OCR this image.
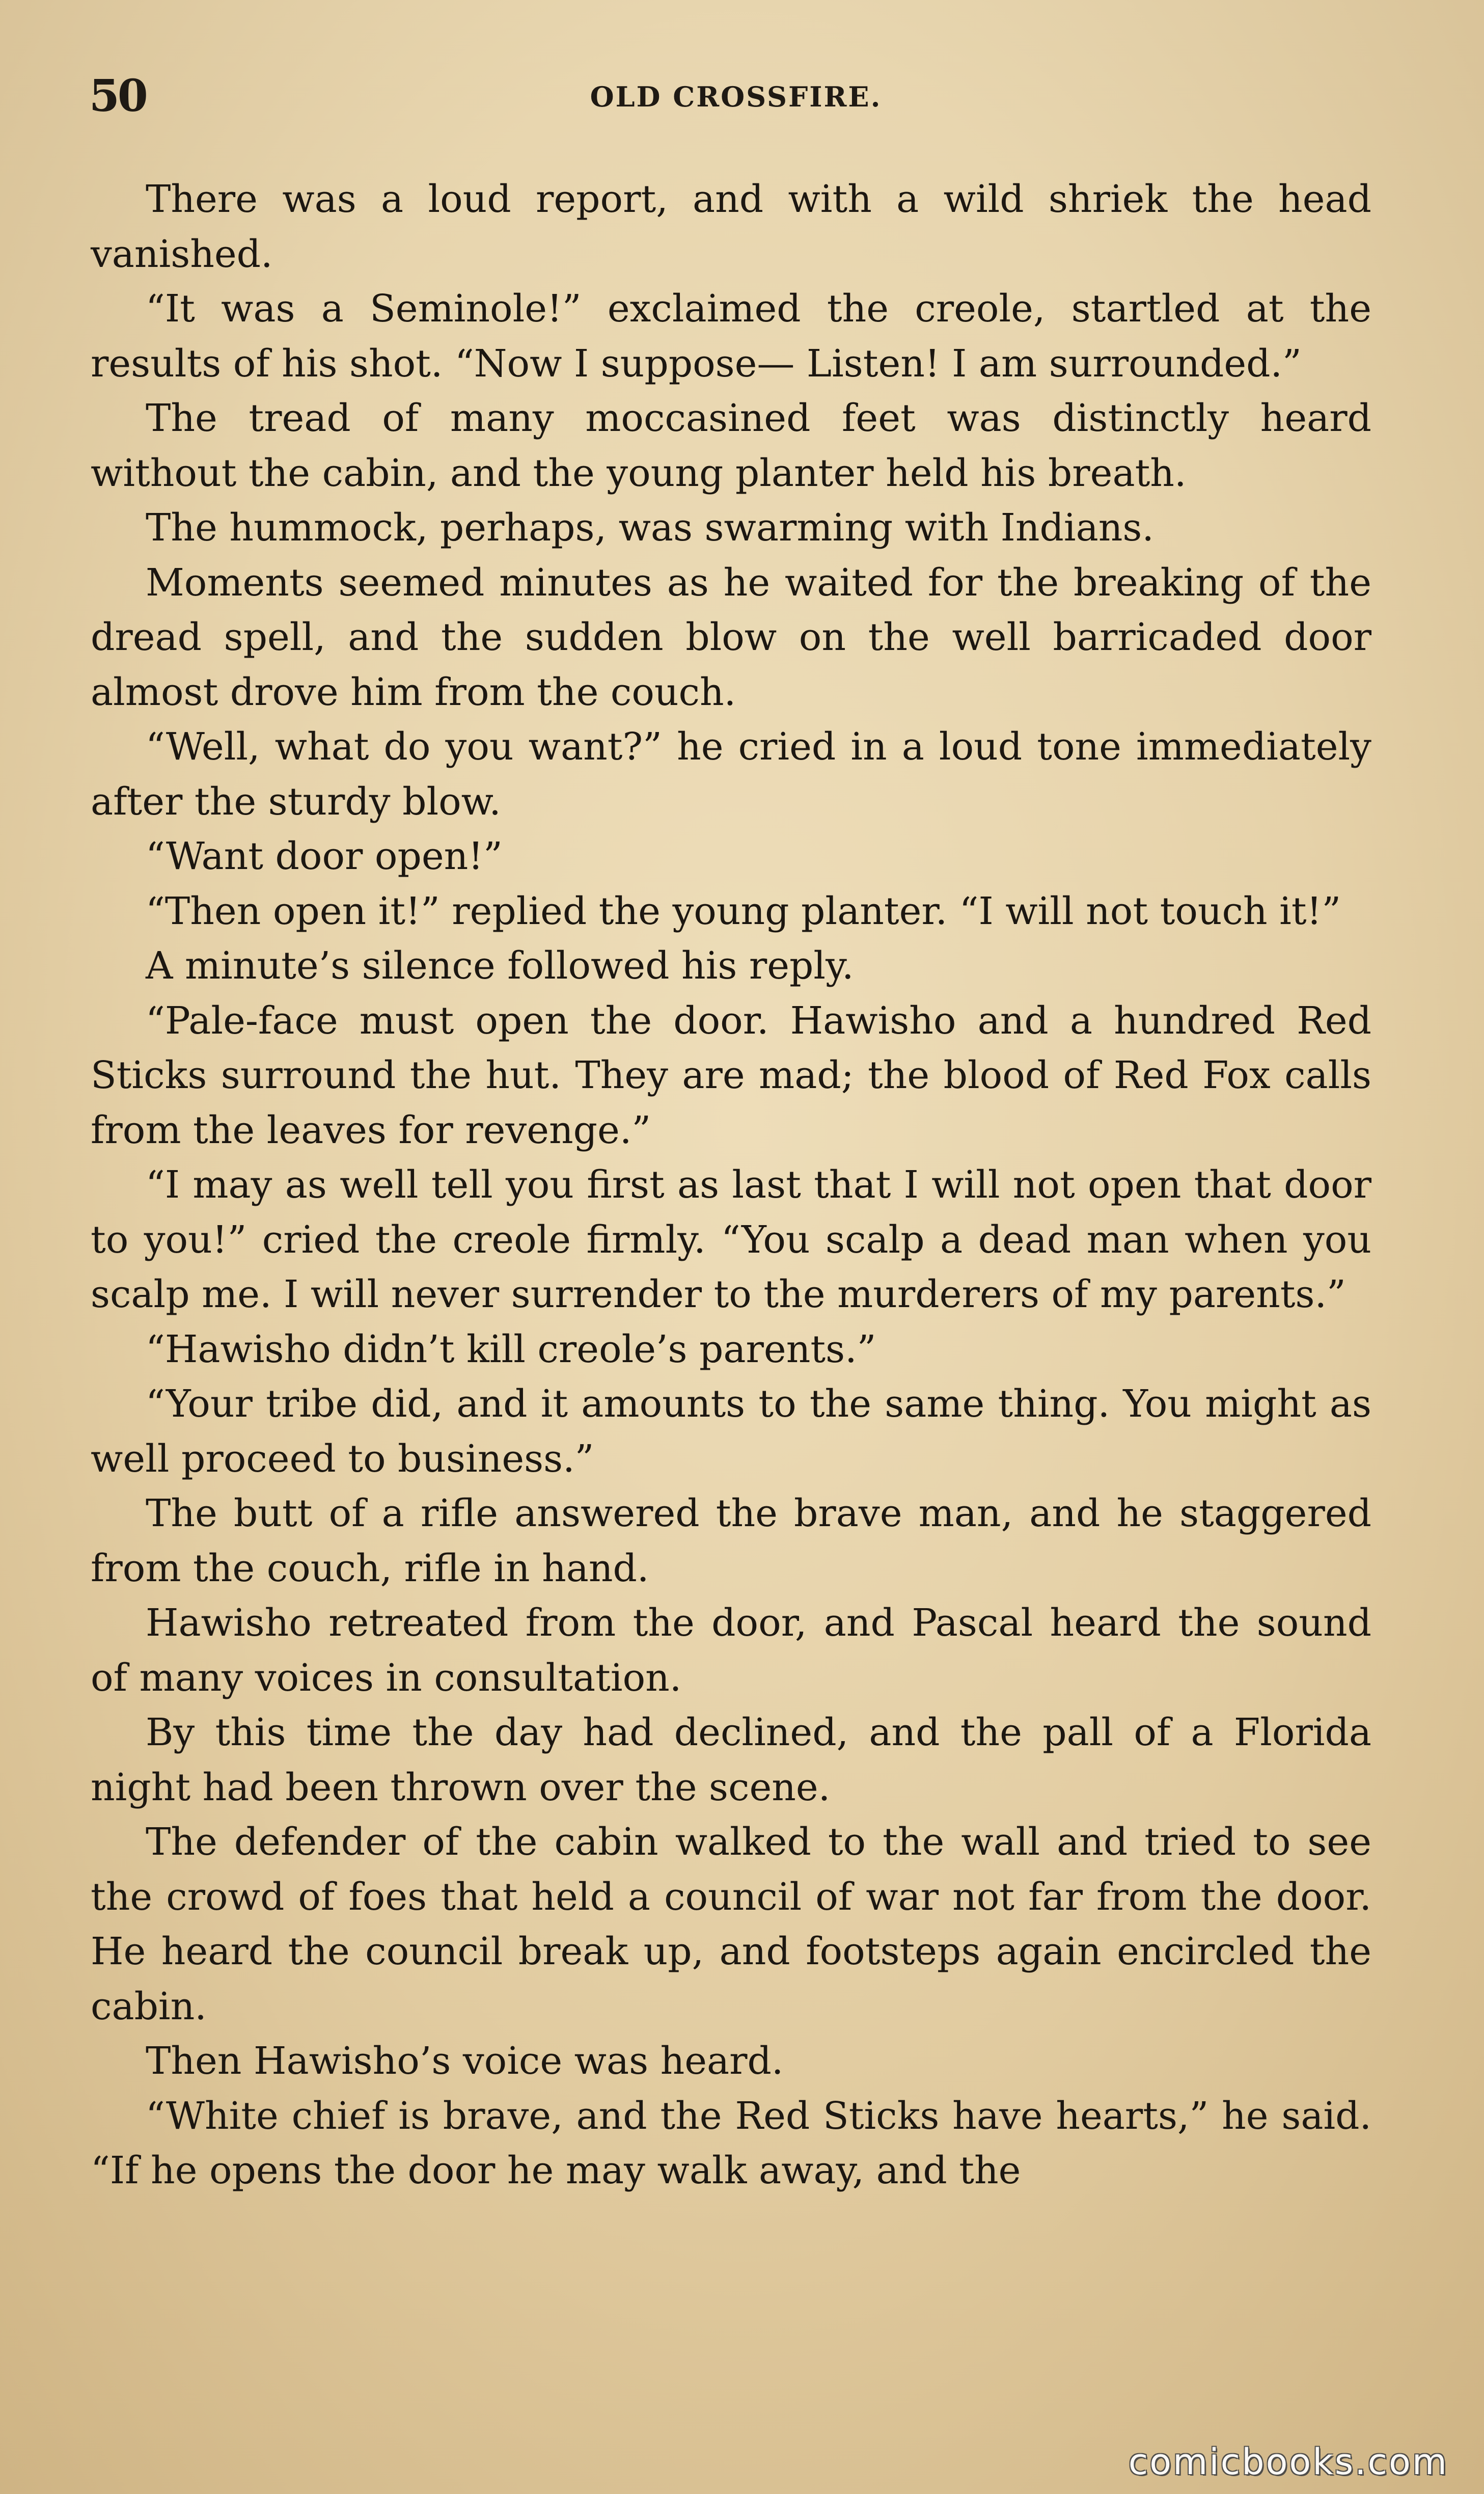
50	OLD CROSSFIRE.

There was a loud report, and with a wild shriek the head vanished.

“It was a Seminole!” exclaimed the creole, startled at the results of his shot. “Now I suppose— Listen! I am surrounded.”

The tread of many moccasined feet was distinctly heard without the cabin, and the young planter held his breath.

The hummock, perhaps, was swarming with Indians.

Moments seemed minutes as he waited for the breaking of the dread spell, and the sudden blow on the well barricaded door almost drove him from the couch.

“Well, what do you want?” he cried in a loud tone immediately after the sturdy blow.

“Want door open!”

“Then open it!” replied the young planter. “I will not touch it!”

A minute’s silence followed his reply.

“Pale-face must open the door. Hawisho and a hundred Red Sticks surround the hut. They are mad; the blood of Red Fox calls from the leaves for revenge.”

“I may as well tell you first as last that I will not open that door to you!” cried the creole firmly. “You scalp a dead man when you scalp me. I will never surrender to the murderers of my parents.”

“Hawisho didn’t kill creole’s parents.”

“Your tribe did, and it amounts to the same thing. You might as well proceed to business.”

The butt of a rifle answered the brave man, and he staggered from the couch, rifle in hand.

Hawisho retreated from the door, and Pascal heard the sound of many voices in consultation.

By this time the day had declined, and the pall of a Florida night had been thrown over the scene.

The defender of the cabin walked to the wall and tried to see the crowd of foes that held a council of war not far from the door. He heard the council break up, and footsteps again encircled the cabin.

Then Hawisho’s voice was heard.

“White chief is brave, and the Red Sticks have hearts,” he said. “If he opens the door he may walk away, and the

comicbooks.com
